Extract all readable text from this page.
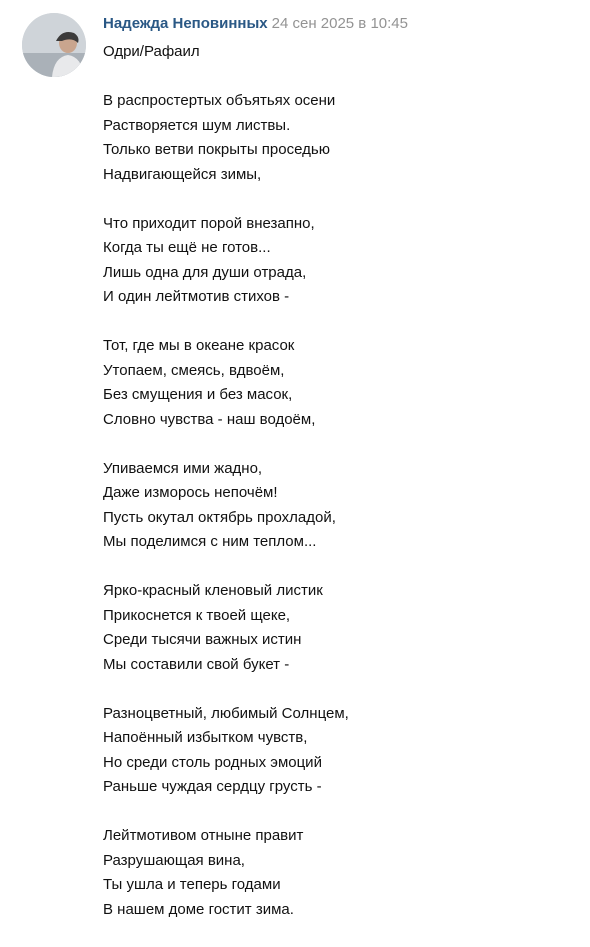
Надежда Неповинных 24 сен 2025 в 10:45
Одри/Рафаил
В распростертых объятьях осени
Растворяется шум листвы.
Только ветви покрыты проседью
Надвигающейся зимы,
Что приходит порой внезапно,
Когда ты ещё не готов...
Лишь одна для души отрада,
И один лейтмотив стихов -
Тот, где мы в океане красок
Утопаем, смеясь, вдвоём,
Без смущения и без масок,
Словно чувства - наш водоём,
Упиваемся ими жадно,
Даже изморось непочём!
Пусть окутал октябрь прохладой,
Мы поделимся с ним теплом...
Ярко-красный кленовый листик
Прикоснется к твоей щеке,
Среди тысячи важных истин
Мы составили свой букет -
Разноцветный, любимый Солнцем,
Напоённый избытком чувств,
Но среди столь родных эмоций
Раньше чуждая сердцу грусть -
Лейтмотивом отныне правит
Разрушающая вина,
Ты ушла и теперь годами
В нашем доме гостит зима.
